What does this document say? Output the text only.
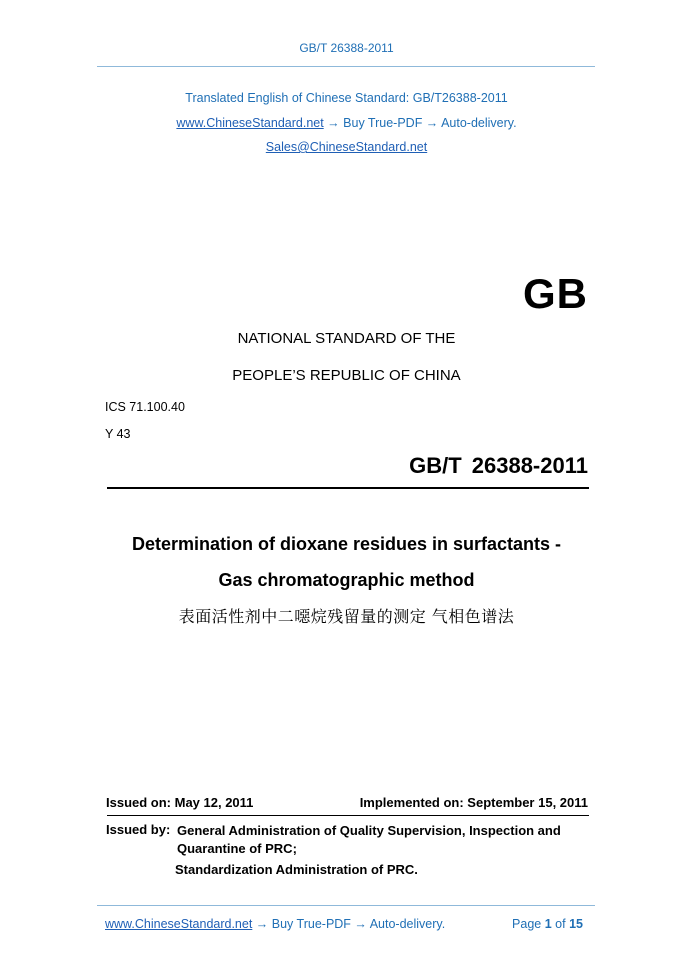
GB/T 26388-2011
Translated English of Chinese Standard: GB/T26388-2011
www.ChineseStandard.net → Buy True-PDF → Auto-delivery.
Sales@ChineseStandard.net
GB
NATIONAL STANDARD OF THE
PEOPLE’S REPUBLIC OF CHINA
ICS 71.100.40
Y 43
GB/T 26388-2011
Determination of dioxane residues in surfactants -
Gas chromatographic method
表面活性剂中二噁烷残留量的测定 气相色谱法
Issued on: May 12, 2011	Implemented on: September 15, 2011
Issued by: General Administration of Quality Supervision, Inspection and Quarantine of PRC;
Standardization Administration of PRC.
www.ChineseStandard.net → Buy True-PDF → Auto-delivery.	Page 1 of 15
